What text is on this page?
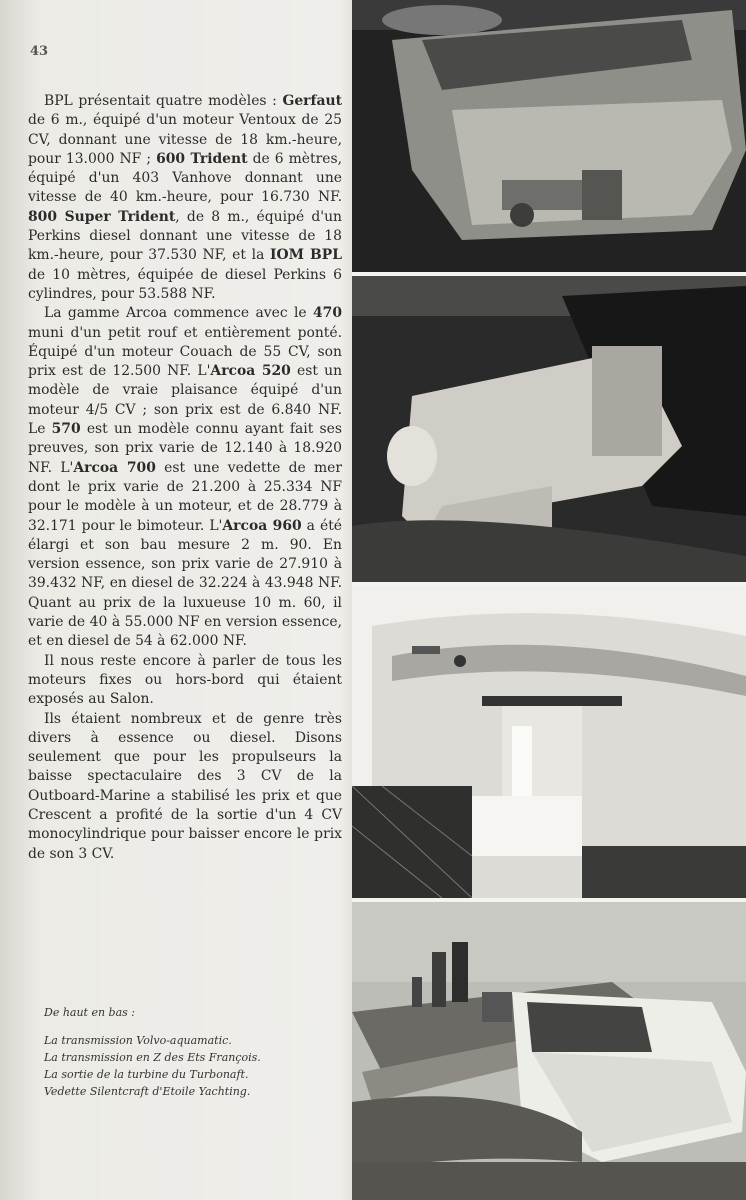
43

BPL présentait quatre modèles : Gerfaut de 6 m., équipé d'un moteur Ventoux de 25 CV, donnant une vitesse de 18 km.-heure, pour 13.000 NF ; 600 Trident de 6 mètres, équipé d'un 403 Vanhove donnant une vitesse de 40 km.-heure, pour 16.730 NF. 800 Super Trident, de 8 m., équipé d'un Perkins diesel donnant une vitesse de 18 km.-heure, pour 37.530 NF, et la IOM BPL de 10 mètres, équipée de diesel Perkins 6 cylindres, pour 53.588 NF.

La gamme Arcoa commence avec le 470 muni d'un petit rouf et entièrement ponté. Équipé d'un moteur Couach de 55 CV, son prix est de 12.500 NF. L'Arcoa 520 est un modèle de vraie plaisance équipé d'un moteur 4/5 CV ; son prix est de 6.840 NF. Le 570 est un modèle connu ayant fait ses preuves, son prix varie de 12.140 à 18.920 NF. L'Arcoa 700 est une vedette de mer dont le prix varie de 21.200 à 25.334 NF pour le modèle à un moteur, et de 28.779 à 32.171 pour le bimoteur. L'Arcoa 960 a été élargi et son bau mesure 2 m. 90. En version essence, son prix varie de 27.910 à 39.432 NF, en diesel de 32.224 à 43.948 NF. Quant au prix de la luxueuse 10 m. 60, il varie de 40 à 55.000 NF en version essence, et en diesel de 54 à 62.000 NF.

Il nous reste encore à parler de tous les moteurs fixes ou hors-bord qui étaient exposés au Salon.

Ils étaient nombreux et de genre très divers à essence ou diesel. Disons seulement que pour les propulseurs la baisse spectaculaire des 3 CV de la Outboard-Marine a stabilisé les prix et que Crescent a profité de la sortie d'un 4 CV monocylindrique pour baisser encore le prix de son 3 CV.

De haut en bas :
La transmission Volvo-aquamatic.
La transmission en Z des Ets François.
La sortie de la turbine du Turbonaft.
Vedette Silentcraft d'Etoile Yachting.
